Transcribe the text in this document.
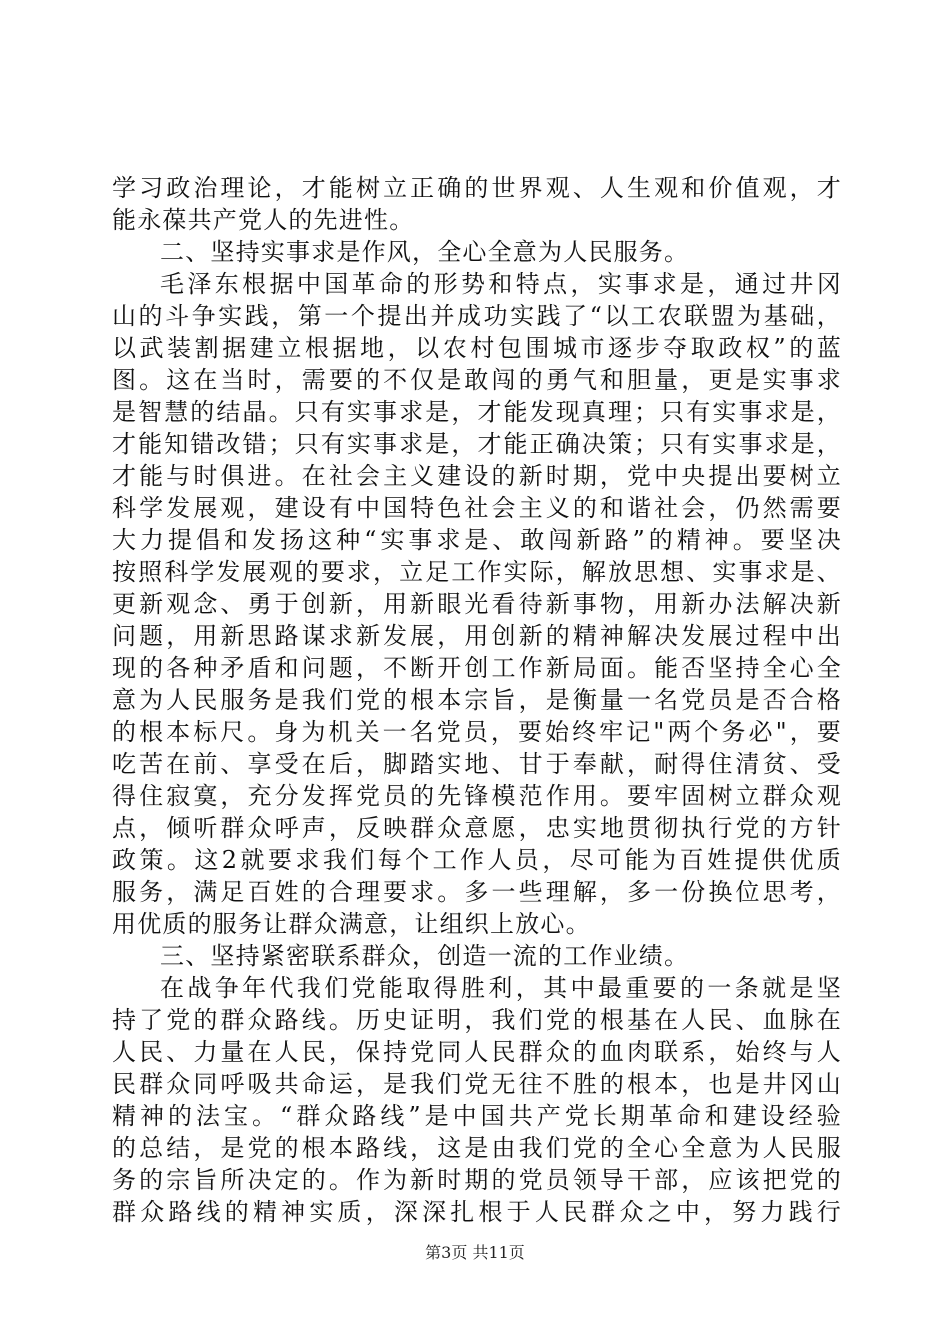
学习政治理论，才能树立正确的世界观、人生观和价值观，才
能永葆共产党人的先进性。
二、坚持实事求是作风，全心全意为人民服务。
毛泽东根据中国革命的形势和特点，实事求是，通过井冈
山的斗争实践，第一个提出并成功实践了“以工农联盟为基础，
以武装割据建立根据地，以农村包围城市逐步夺取政权”的蓝
图。这在当时，需要的不仅是敢闯的勇气和胆量，更是实事求
是智慧的结晶。只有实事求是，才能发现真理；只有实事求是，
才能知错改错；只有实事求是，才能正确决策；只有实事求是，
才能与时俱进。在社会主义建设的新时期，党中央提出要树立
科学发展观，建设有中国特色社会主义的和谐社会，仍然需要
大力提倡和发扬这种“实事求是、敢闯新路”的精神。要坚决
按照科学发展观的要求，立足工作实际，解放思想、实事求是、
更新观念、勇于创新，用新眼光看待新事物，用新办法解决新
问题，用新思路谋求新发展，用创新的精神解决发展过程中出
现的各种矛盾和问题，不断开创工作新局面。能否坚持全心全
意为人民服务是我们党的根本宗旨，是衡量一名党员是否合格
的根本标尺。身为机关一名党员，要始终牢记"两个务必"，要
吃苦在前、享受在后，脚踏实地、甘于奉献，耐得住清贫、受
得住寂寞，充分发挥党员的先锋模范作用。要牢固树立群众观
点，倾听群众呼声，反映群众意愿，忠实地贯彻执行党的方针
政策。这2就要求我们每个工作人员，尽可能为百姓提供优质
服务，满足百姓的合理要求。多一些理解，多一份换位思考，
用优质的服务让群众满意，让组织上放心。
三、坚持紧密联系群众，创造一流的工作业绩。
在战争年代我们党能取得胜利，其中最重要的一条就是坚
持了党的群众路线。历史证明，我们党的根基在人民、血脉在
人民、力量在人民，保持党同人民群众的血肉联系，始终与人
民群众同呼吸共命运，是我们党无往不胜的根本，也是井冈山
精神的法宝。“群众路线”是中国共产党长期革命和建设经验
的总结，是党的根本路线，这是由我们党的全心全意为人民服
务的宗旨所决定的。作为新时期的党员领导干部，应该把党的
群众路线的精神实质，深深扎根于人民群众之中，努力践行
第3页 共11页
